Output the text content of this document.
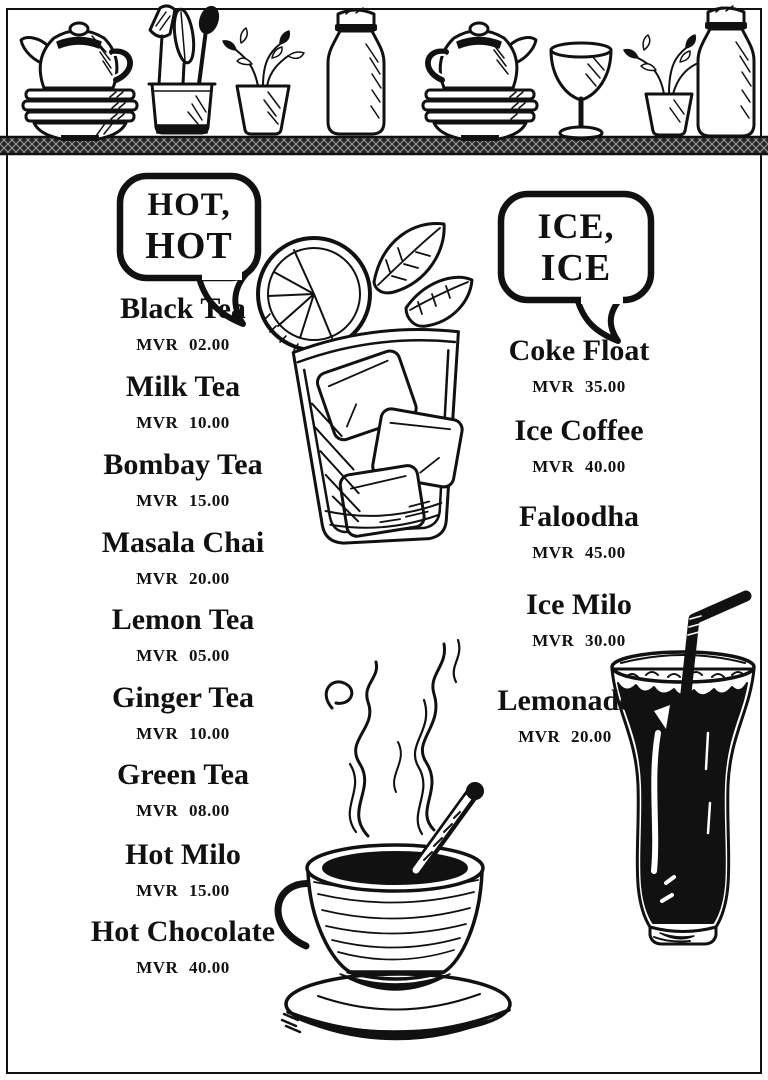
HOT,
HOT	ICE,
ICE
Black Tea
MVR 02.00
Milk Tea
MVR 10.00
Bombay Tea
MVR 15.00
Masala Chai
MVR 20.00
Lemon Tea
MVR 05.00
Ginger Tea
MVR 10.00
Green Tea
MVR 08.00
Hot Milo
MVR 15.00
Hot Chocolate
MVR 40.00
Coke Float
MVR 35.00
Ice Coffee
MVR 40.00
Faloodha
MVR 45.00
Ice Milo
MVR 30.00
Lemonade
MVR 20.00
